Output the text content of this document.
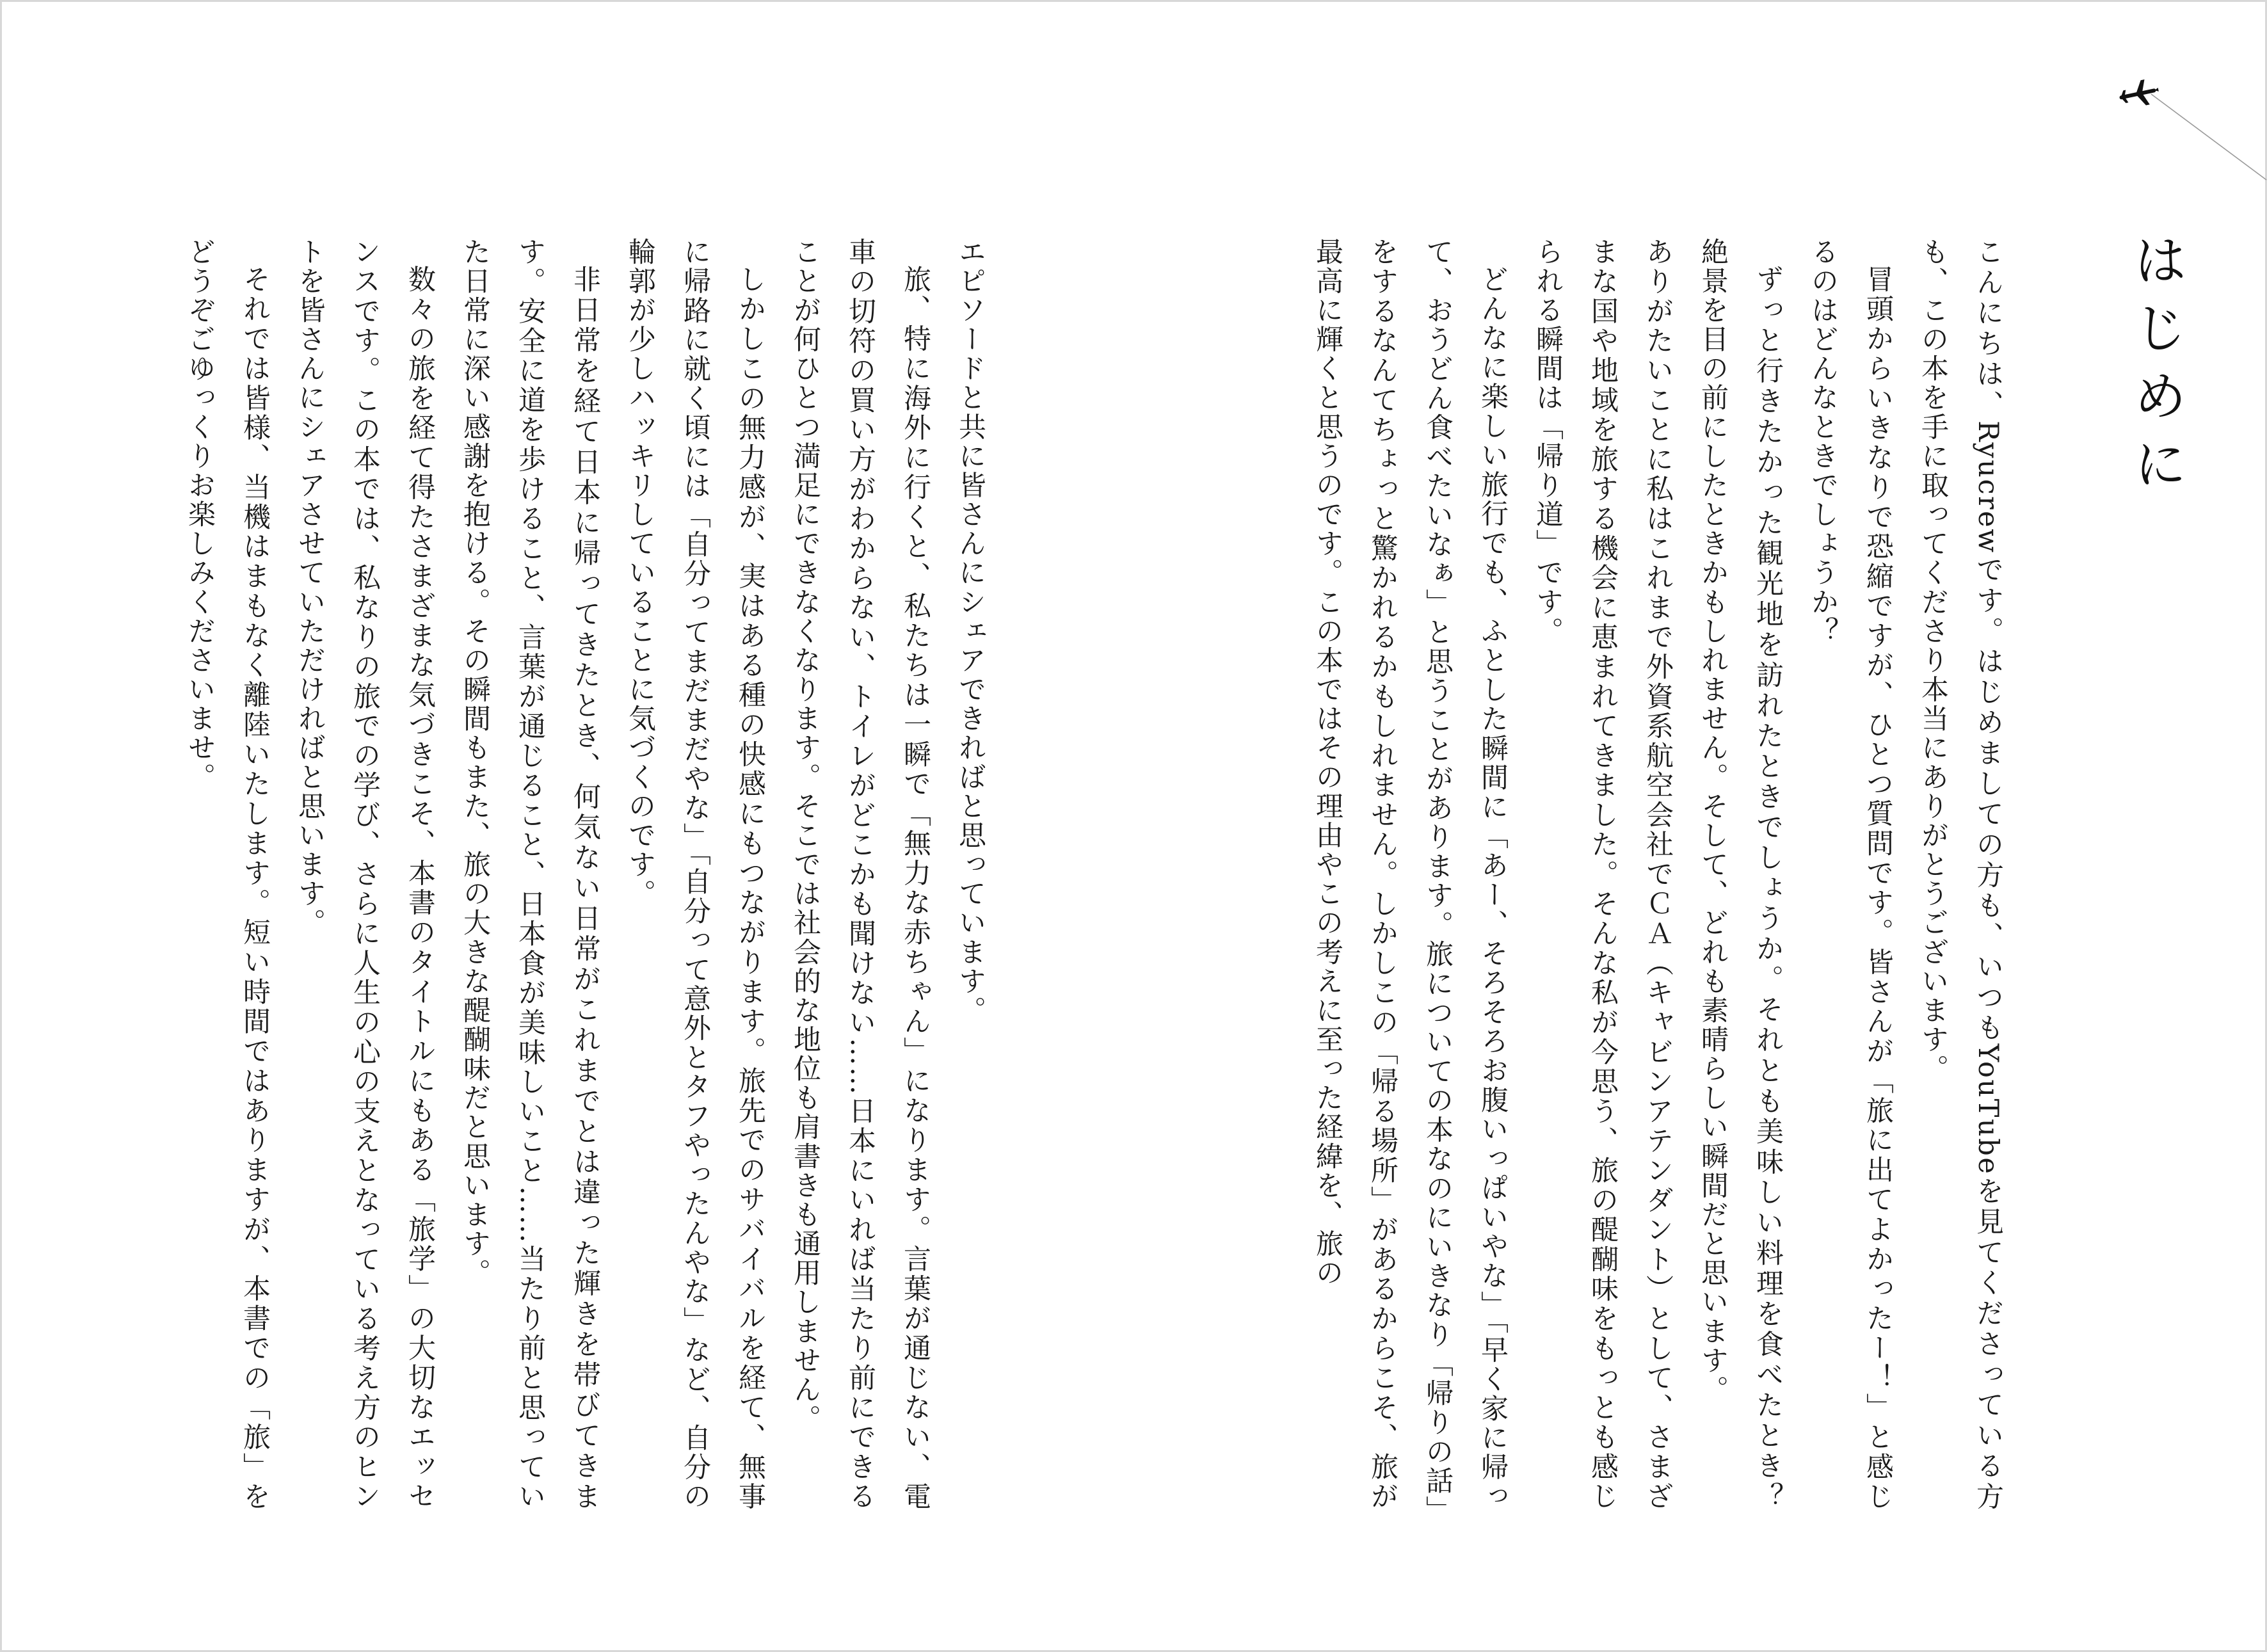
はじめに

こんにちは、Ryucrewです。はじめましての方も、いつもYouTubeを見てくださっている方も、この本を手に取ってくださり本当にありがとうございます。

冒頭からいきなりで恐縮ですが、ひとつ質問です。皆さんが「旅に出てよかったー！」と感じるのはどんなときでしょうか？

ずっと行きたかった観光地を訪れたときでしょうか。それとも美味しい料理を食べたとき？　絶景を目の前にしたときかもしれません。そして、どれも素晴らしい瞬間だと思います。

ありがたいことに私はこれまで外資系航空会社でＣＡ（キャビンアテンダント）として、さまざまな国や地域を旅する機会に恵まれてきました。そんな私が今思う、旅の醍醐味をもっとも感じられる瞬間は「帰り道」です。

どんなに楽しい旅行でも、ふとした瞬間に「あー、そろそろお腹いっぱいやな」「早く家に帰って、おうどん食べたいなぁ」と思うことがあります。旅についての本なのにいきなり「帰りの話」をするなんてちょっと驚かれるかもしれません。しかしこの「帰る場所」があるからこそ、旅が最高に輝くと思うのです。この本ではその理由やこの考えに至った経緯を、旅の

エピソードと共に皆さんにシェアできればと思っています。

旅、特に海外に行くと、私たちは一瞬で「無力な赤ちゃん」になります。言葉が通じない、電車の切符の買い方がわからない、トイレがどこかも聞けない……日本にいれば当たり前にできることが何ひとつ満足にできなくなります。そこでは社会的な地位も肩書きも通用しません。

しかしこの無力感が、実はある種の快感にもつながります。旅先でのサバイバルを経て、無事に帰路に就く頃には「自分ってまだまだやな」「自分って意外とタフやったんやな」など、自分の輪郭が少しハッキリしていることに気づくのです。

非日常を経て日本に帰ってきたとき、何気ない日常がこれまでとは違った輝きを帯びてきます。安全に道を歩けること、言葉が通じること、日本食が美味しいこと……当たり前と思っていた日常に深い感謝を抱ける。その瞬間もまた、旅の大きな醍醐味だと思います。

数々の旅を経て得たさまざまな気づきこそ、本書のタイトルにもある「旅学」の大切なエッセンスです。この本では、私なりの旅での学び、さらに人生の心の支えとなっている考え方のヒントを皆さんにシェアさせていただければと思います。

それでは皆様、当機はまもなく離陸いたします。短い時間ではありますが、本書での「旅」をどうぞごゆっくりお楽しみくださいませ。
